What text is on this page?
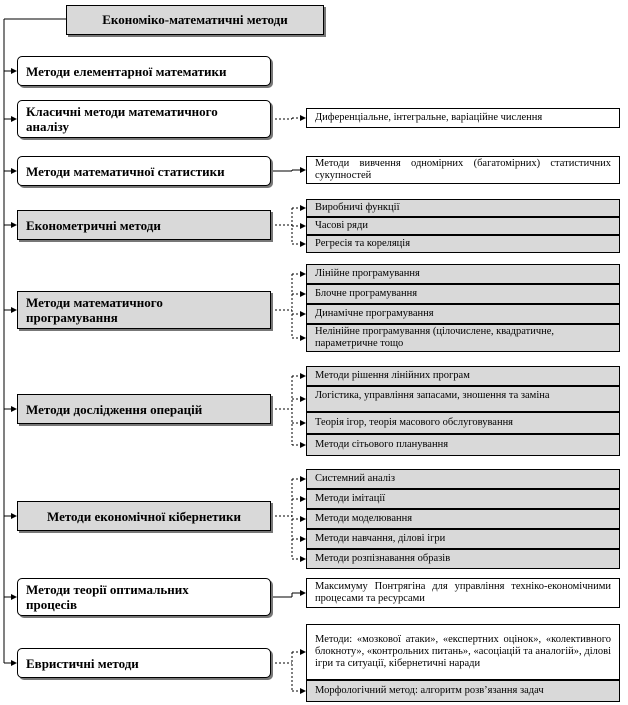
Економіко-математичні методи
Методи елементарної математики
Класичні методи математичного аналізу
Диференціальне, інтегральне, варіаційне числення
Методи математичної статистики	Методи вивчення одномірних (багатомірних) статистичних сукупностей
Економетричні методи
Виробничі функції
Часові ряди
Регресія та кореляція
Методи математичного програмування
Лінійне програмування
Блочне програмування
Динамічне програмування
Нелінійне програмування (цілочислене, квадратичне, параметричне тощо
Методи дослідження операцій
Методи рішення лінійних програм
Логістика, управління запасами, зношення та заміна
Теорія ігор, теорія масового обслуговування
Методи сітьового планування
Методи економічної кібернетики
Системний аналіз
Методи імітації
Методи моделювання
Методи навчання, ділові ігри
Методи розпізнавання образів
Методи теорії оптимальних процесів
Максимуму Понтрягіна для управління техніко-економічними процесами та ресурсами
Евристичні методи
Методи: «мозкової атаки», «експертних оцінок», «колективного блокноту», «контрольних питань», «асоціацій та аналогій», ділові ігри та ситуації, кібернетичні наради
Морфологічний метод: алгоритм розв’язання задач
